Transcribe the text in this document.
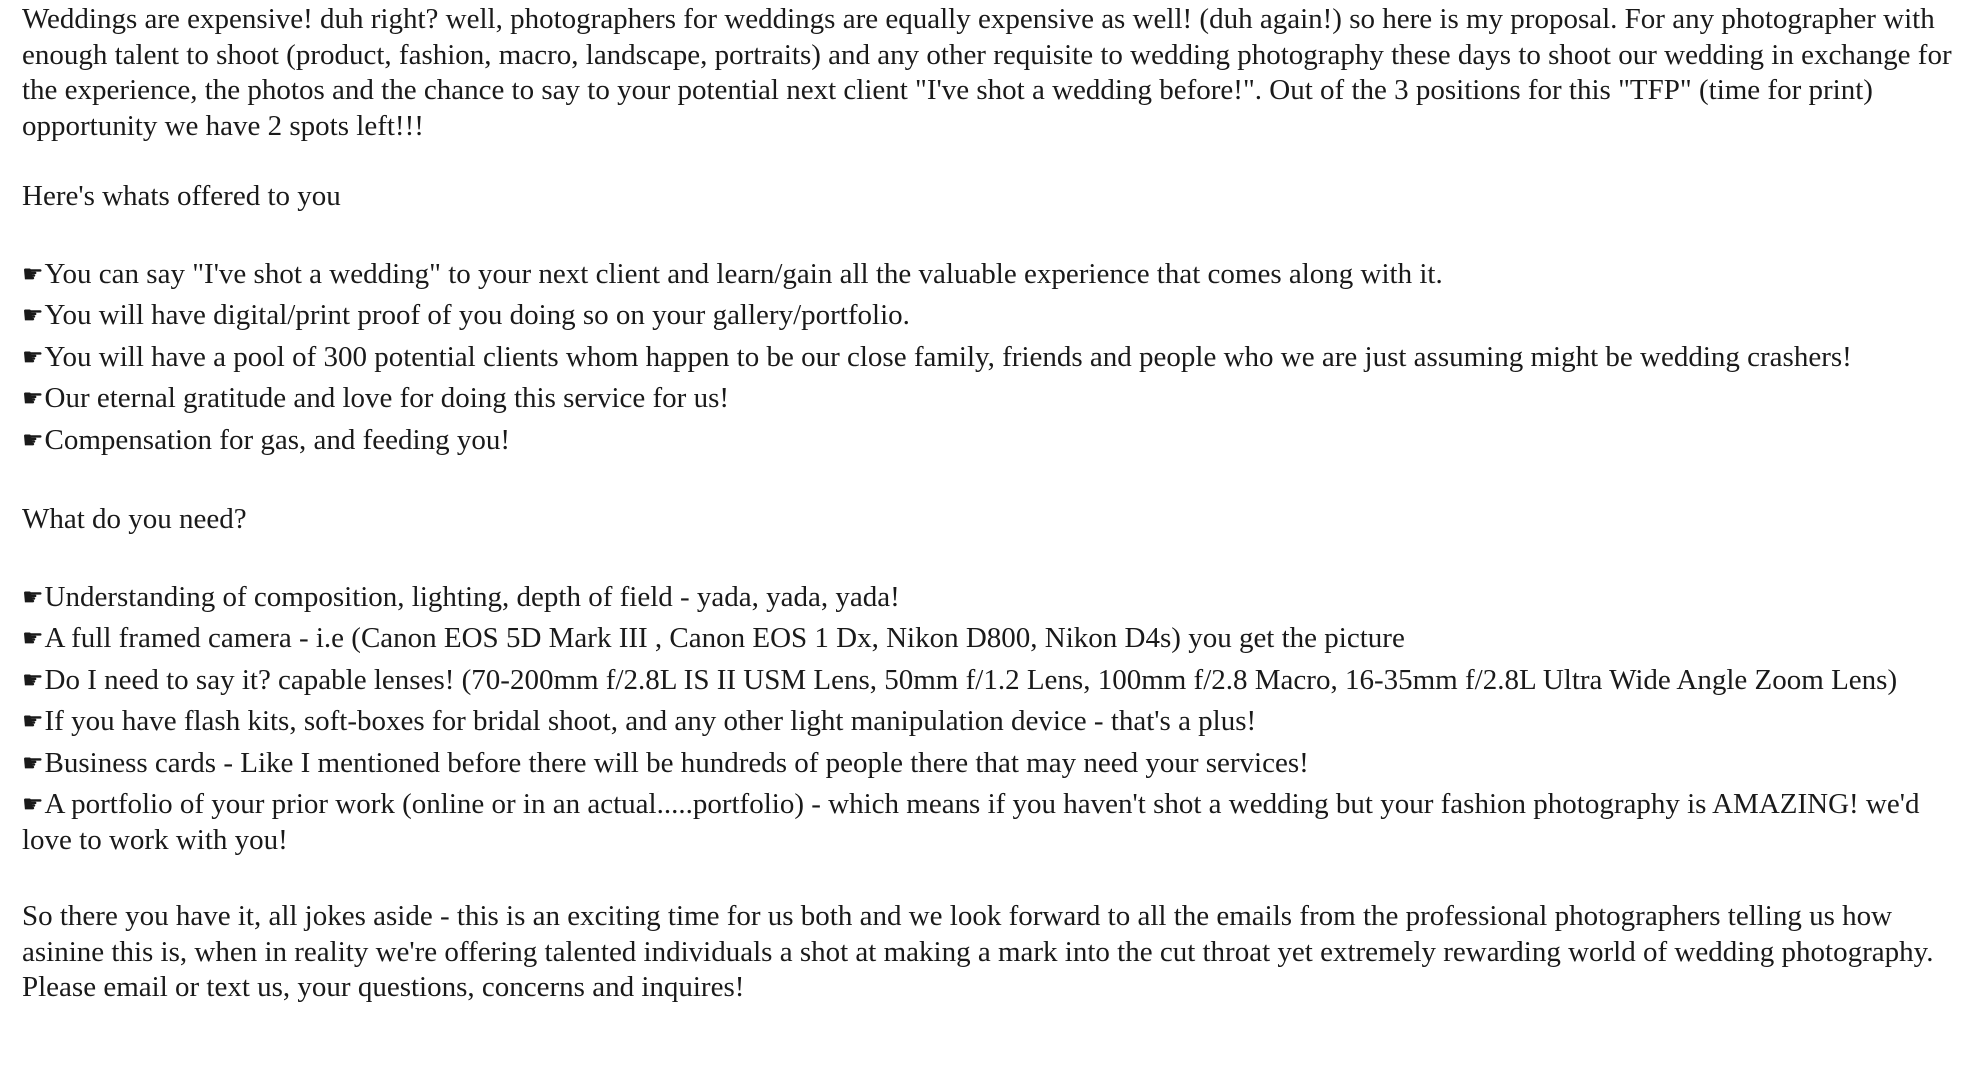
Weddings are expensive! duh right? well, photographers for weddings are equally expensive as well! (duh again!) so here is my proposal. For any photographer with enough talent to shoot (product, fashion, macro, landscape, portraits) and any other requisite to wedding photography these days to shoot our wedding in exchange for the experience, the photos and the chance to say to your potential next client "I've shot a wedding before!". Out of the 3 positions for this "TFP" (time for print) opportunity we have 2 spots left!!!

Here's whats offered to you

☛You can say "I've shot a wedding" to your next client and learn/gain all the valuable experience that comes along with it.
☛You will have digital/print proof of you doing so on your gallery/portfolio.
☛You will have a pool of 300 potential clients whom happen to be our close family, friends and people who we are just assuming might be wedding crashers!
☛Our eternal gratitude and love for doing this service for us!
☛Compensation for gas, and feeding you!

What do you need?

☛Understanding of composition, lighting, depth of field - yada, yada, yada!
☛A full framed camera - i.e (Canon EOS 5D Mark III , Canon EOS 1 Dx, Nikon D800, Nikon D4s) you get the picture
☛Do I need to say it? capable lenses! (70-200mm f/2.8L IS II USM Lens, 50mm f/1.2 Lens, 100mm f/2.8 Macro, 16-35mm f/2.8L Ultra Wide Angle Zoom Lens)
☛If you have flash kits, soft-boxes for bridal shoot, and any other light manipulation device - that's a plus!
☛Business cards - Like I mentioned before there will be hundreds of people there that may need your services!
☛A portfolio of your prior work (online or in an actual.....portfolio) - which means if you haven't shot a wedding but your fashion photography is AMAZING! we'd love to work with you!

So there you have it, all jokes aside - this is an exciting time for us both and we look forward to all the emails from the professional photographers telling us how asinine this is, when in reality we're offering talented individuals a shot at making a mark into the cut throat yet extremely rewarding world of wedding photography. Please email or text us, your questions, concerns and inquires!
